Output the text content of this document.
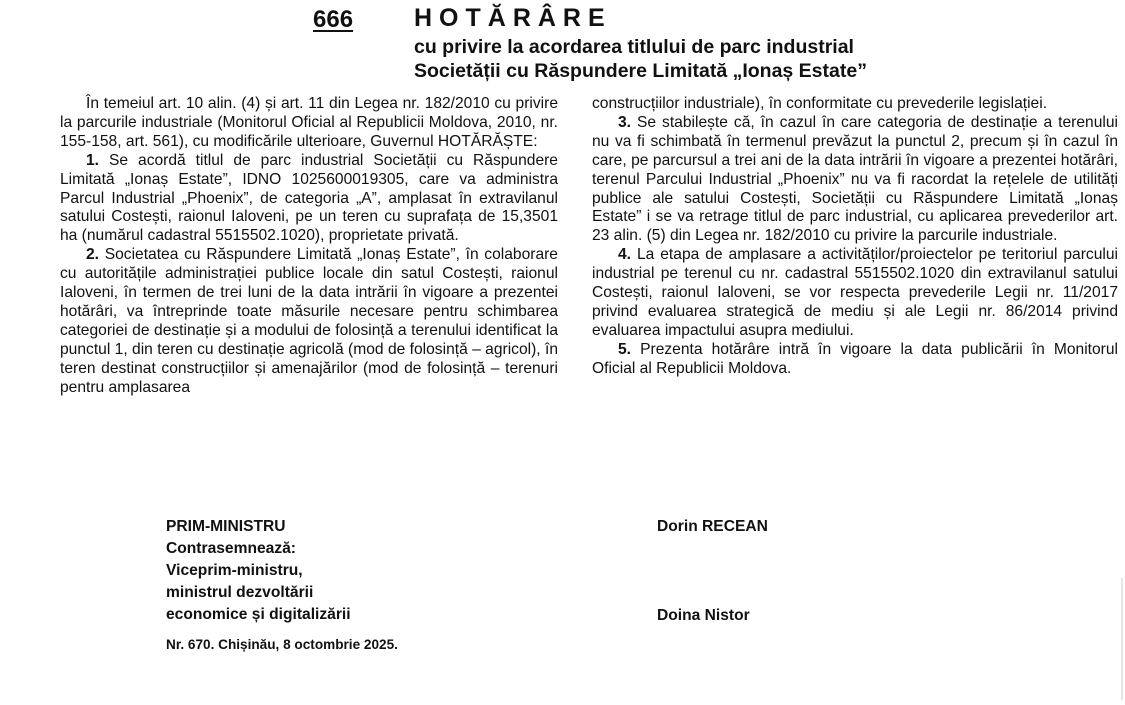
666 HOTĂRÂRE
cu privire la acordarea titlului de parc industrial
Societății cu Răspundere Limitată „Ionaș Estate”

În temeiul art. 10 alin. (4) și art. 11 din Legea nr. 182/2010 cu privire la parcurile industriale (Monitorul Oficial al Republicii Moldova, 2010, nr. 155-158, art. 561), cu modificările ulterioare, Guvernul HOTĂRĂȘTE:

1. Se acordă titlul de parc industrial Societății cu Răspundere Limitată „Ionaș Estate”, IDNO 1025600019305, care va administra Parcul Industrial „Phoenix”, de categoria „A”, amplasat în extravilanul satului Costești, raionul Ialoveni, pe un teren cu suprafața de 15,3501 ha (numărul cadastral 5515502.1020), proprietate privată.

2. Societatea cu Răspundere Limitată „Ionaș Estate”, în colaborare cu autoritățile administrației publice locale din satul Costești, raionul Ialoveni, în termen de trei luni de la data intrării în vigoare a prezentei hotărâri, va întreprinde toate măsurile necesare pentru schimbarea categoriei de destinație și a modului de folosință a terenului identificat la punctul 1, din teren cu destinație agricolă (mod de folosință – agricol), în teren destinat construcțiilor și amenajărilor (mod de folosință – terenuri pentru amplasarea

construcțiilor industriale), în conformitate cu prevederile legislației.

3. Se stabilește că, în cazul în care categoria de destinație a terenului nu va fi schimbată în termenul prevăzut la punctul 2, precum și în cazul în care, pe parcursul a trei ani de la data intrării în vigoare a prezentei hotărâri, terenul Parcului Industrial „Phoenix” nu va fi racordat la rețelele de utilități publice ale satului Costești, Societății cu Răspundere Limitată „Ionaș Estate” i se va retrage titlul de parc industrial, cu aplicarea prevederilor art. 23 alin. (5) din Legea nr. 182/2010 cu privire la parcurile industriale.

4. La etapa de amplasare a activităților/proiectelor pe teritoriul parcului industrial pe terenul cu nr. cadastral 5515502.1020 din extravilanul satului Costești, raionul Ialoveni, se vor respecta prevederile Legii nr. 11/2017 privind evaluarea strategică de mediu și ale Legii nr. 86/2014 privind evaluarea impactului asupra mediului.

5. Prezenta hotărâre intră în vigoare la data publicării în Monitorul Oficial al Republicii Moldova.

PRIM-MINISTRU
Contrasemnează:
Viceprim-ministru,
ministrul dezvoltării
economice și digitalizării
Dorin RECEAN
Doina Nistor
Nr. 670. Chișinău, 8 octombrie 2025.
